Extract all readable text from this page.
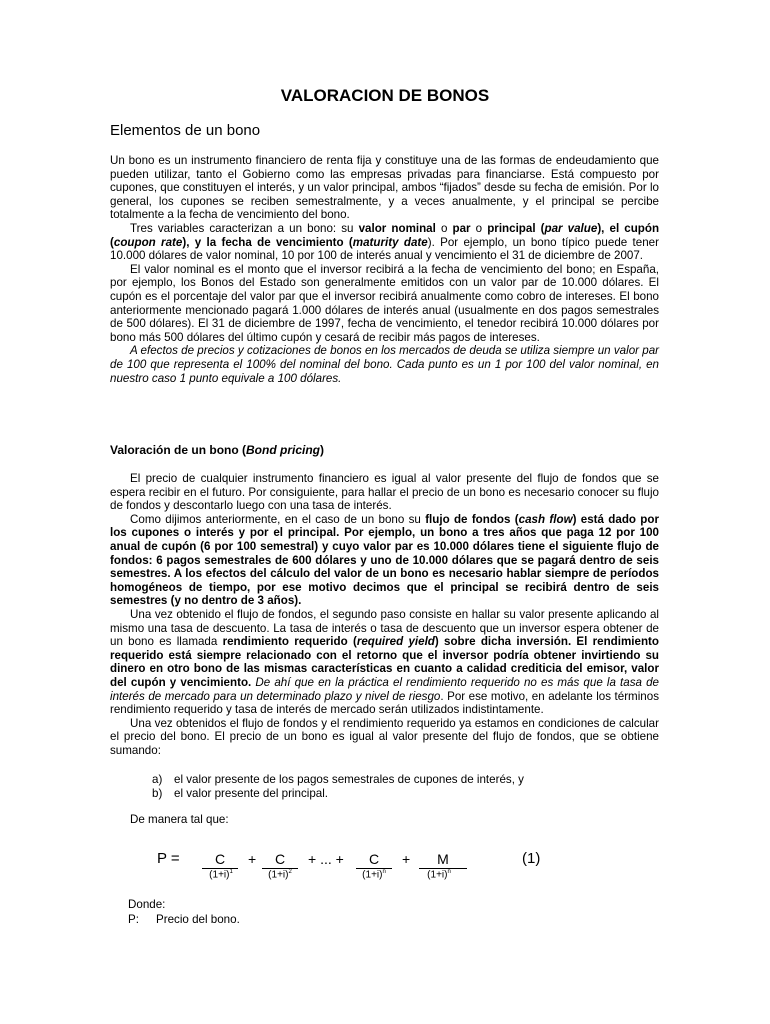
VALORACION DE BONOS
Elementos de un bono

Un bono es un instrumento financiero de renta fija y constituye una de las formas de endeudamiento que pueden utilizar, tanto el Gobierno como las empresas privadas para financiarse. Está compuesto por cupones, que constituyen el interés, y un valor principal, ambos “fijados” desde su fecha de emisión. Por lo general, los cupones se reciben semestralmente, y a veces anualmente, y el principal se percibe totalmente a la fecha de vencimiento del bono.

Tres variables caracterizan a un bono: su valor nominal o par o principal (par value), el cupón (coupon rate), y la fecha de vencimiento (maturity date). Por ejemplo, un bono típico puede tener 10.000 dólares de valor nominal, 10 por 100 de interés anual y vencimiento el 31 de diciembre de 2007.

El valor nominal es el monto que el inversor recibirá a la fecha de vencimiento del bono; en España, por ejemplo, los Bonos del Estado son generalmente emitidos con un valor par de 10.000 dólares. El cupón es el porcentaje del valor par que el inversor recibirá anualmente como cobro de intereses. El bono anteriormente mencionado pagará 1.000 dólares de interés anual (usualmente en dos pagos semestrales de 500 dólares). El 31 de diciembre de 1997, fecha de vencimiento, el tenedor recibirá 10.000 dólares por bono más 500 dólares del último cupón y cesará de recibir más pagos de intereses.

A efectos de precios y cotizaciones de bonos en los mercados de deuda se utiliza siempre un valor par de 100 que representa el 100% del nominal del bono. Cada punto es un 1 por 100 del valor nominal, en nuestro caso 1 punto equivale a 100 dólares.

Valoración de un bono (Bond pricing)

El precio de cualquier instrumento financiero es igual al valor presente del flujo de fondos que se espera recibir en el futuro. Por consiguiente, para hallar el precio de un bono es necesario conocer su flujo de fondos y descontarlo luego con una tasa de interés.

Como dijimos anteriormente, en el caso de un bono su flujo de fondos (cash flow) está dado por los cupones o interés y por el principal. Por ejemplo, un bono a tres años que paga 12 por 100 anual de cupón (6 por 100 semestral) y cuyo valor par es 10.000 dólares tiene el siguiente flujo de fondos: 6 pagos semestrales de 600 dólares y uno de 10.000 dólares que se pagará dentro de seis semestres. A los efectos del cálculo del valor de un bono es necesario hablar siempre de períodos homogéneos de tiempo, por ese motivo decimos que el principal se recibirá dentro de seis semestres (y no dentro de 3 años).

Una vez obtenido el flujo de fondos, el segundo paso consiste en hallar su valor presente aplicando al mismo una tasa de descuento. La tasa de interés o tasa de descuento que un inversor espera obtener de un bono es llamada rendimiento requerido (required yield) sobre dicha inversión. El rendimiento requerido está siempre relacionado con el retorno que el inversor podría obtener invirtiendo su dinero en otro bono de las mismas características en cuanto a calidad crediticia del emisor, valor del cupón y vencimiento. De ahí que en la práctica el rendimiento requerido no es más que la tasa de interés de mercado para un determinado plazo y nivel de riesgo. Por ese motivo, en adelante los términos rendimiento requerido y tasa de interés de mercado serán utilizados indistintamente.

Una vez obtenidos el flujo de fondos y el rendimiento requerido ya estamos en condiciones de calcular el precio del bono. El precio de un bono es igual al valor presente del flujo de fondos, que se obtiene sumando:

a) el valor presente de los pagos semestrales de cupones de interés, y
b) el valor presente del principal.
De manera tal que:
P =	C
$(1+i)^1$
+	C
$(1+i)^2$
+ ... +	C
$(1+i)^n$
+	M
$(1+i)^n$
(1)
Donde:
P: Precio del bono.
